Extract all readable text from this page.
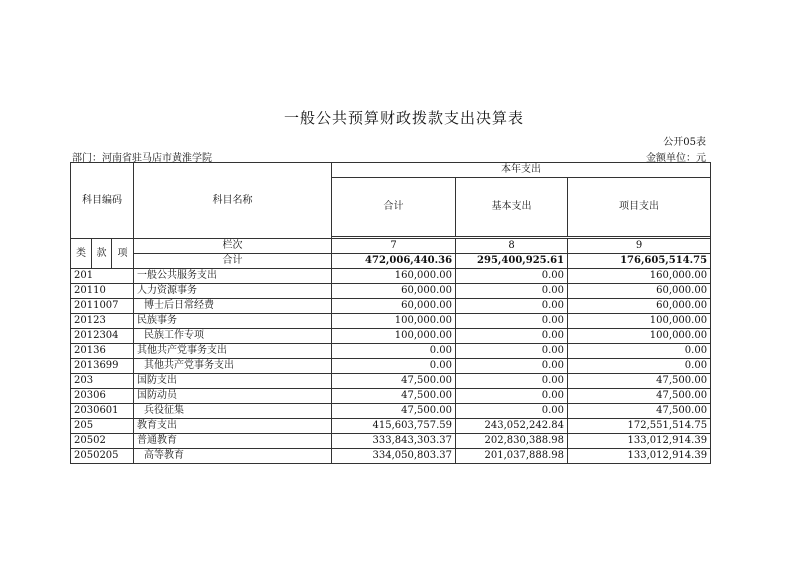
一般公共预算财政拨款支出决算表
公开05表
部门：河南省驻马店市黄淮学院	金额单位：元
科目编码			科目名称	本年支出		
				合计	基本支出	项目支出

类	款	项	栏次	7	8	9
			合计	472,006,440.36	295,400,925.61	176,605,514.75
201			一般公共服务支出	160,000.00	0.00	160,000.00
20110			人力资源事务	60,000.00	0.00	60,000.00
2011007			博士后日常经费	60,000.00	0.00	60,000.00
20123			民族事务	100,000.00	0.00	100,000.00
2012304			民族工作专项	100,000.00	0.00	100,000.00
20136			其他共产党事务支出	0.00	0.00	0.00
2013699			其他共产党事务支出	0.00	0.00	0.00
203			国防支出	47,500.00	0.00	47,500.00
20306			国防动员	47,500.00	0.00	47,500.00
2030601			兵役征集	47,500.00	0.00	47,500.00
205			教育支出	415,603,757.59	243,052,242.84	172,551,514.75
20502			普通教育	333,843,303.37	202,830,388.98	133,012,914.39
2050205			高等教育	334,050,803.37	201,037,888.98	133,012,914.39
